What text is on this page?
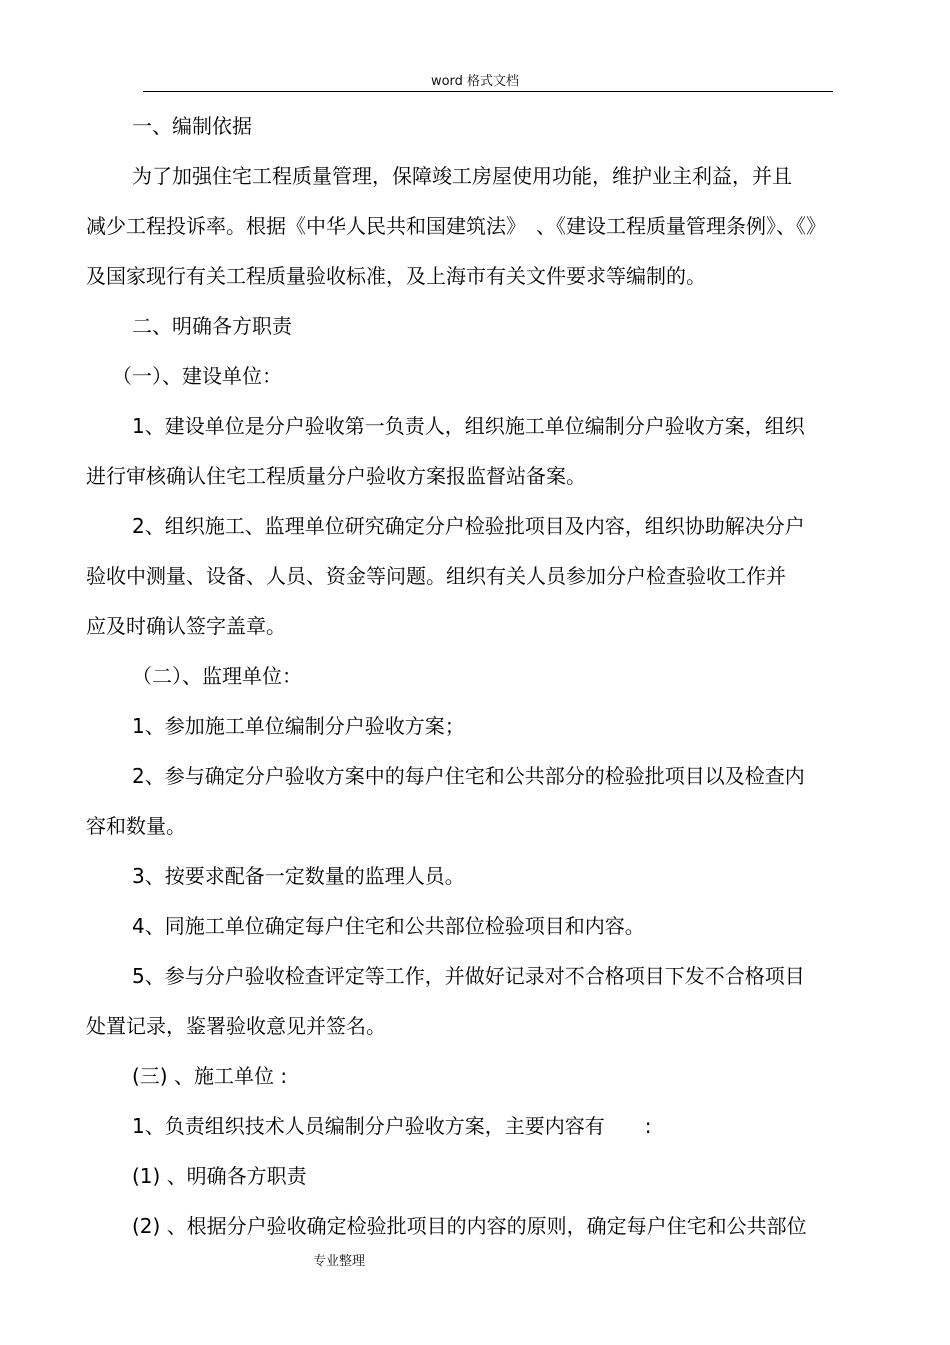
word 格式文档
一、编制依据
为了加强住宅工程质量管理，保障竣工房屋使用功能，维护业主利益，并且
减少工程投诉率。根据《中华人民共和国建筑法》　、《建设工程质量管理条例》、《》
及国家现行有关工程质量验收标准，及上海市有关文件要求等编制的。
二、明确各方职责
（一）、建设单位：
1、建设单位是分户验收第一负责人，组织施工单位编制分户验收方案，组织
进行审核确认住宅工程质量分户验收方案报监督站备案。
2、组织施工、监理单位研究确定分户检验批项目及内容，组织协助解决分户
验收中测量、设备、人员、资金等问题。组织有关人员参加分户检查验收工作并
应及时确认签字盖章。
（二）、监理单位：
1、参加施工单位编制分户验收方案；
2、参与确定分户验收方案中的每户住宅和公共部分的检验批项目以及检查内
容和数量。
3、按要求配备一定数量的监理人员。
4、同施工单位确定每户住宅和公共部位检验项目和内容。
5、参与分户验收检查评定等工作，并做好记录对不合格项目下发不合格项目
处置记录，鉴署验收意见并签名。
(三) 、施工单位 :
1、负责组织技术人员编制分户验收方案，主要内容有　　:
(1) 、明确各方职责
(2) 、根据分户验收确定检验批项目的内容的原则，确定每户住宅和公共部位
专业整理
